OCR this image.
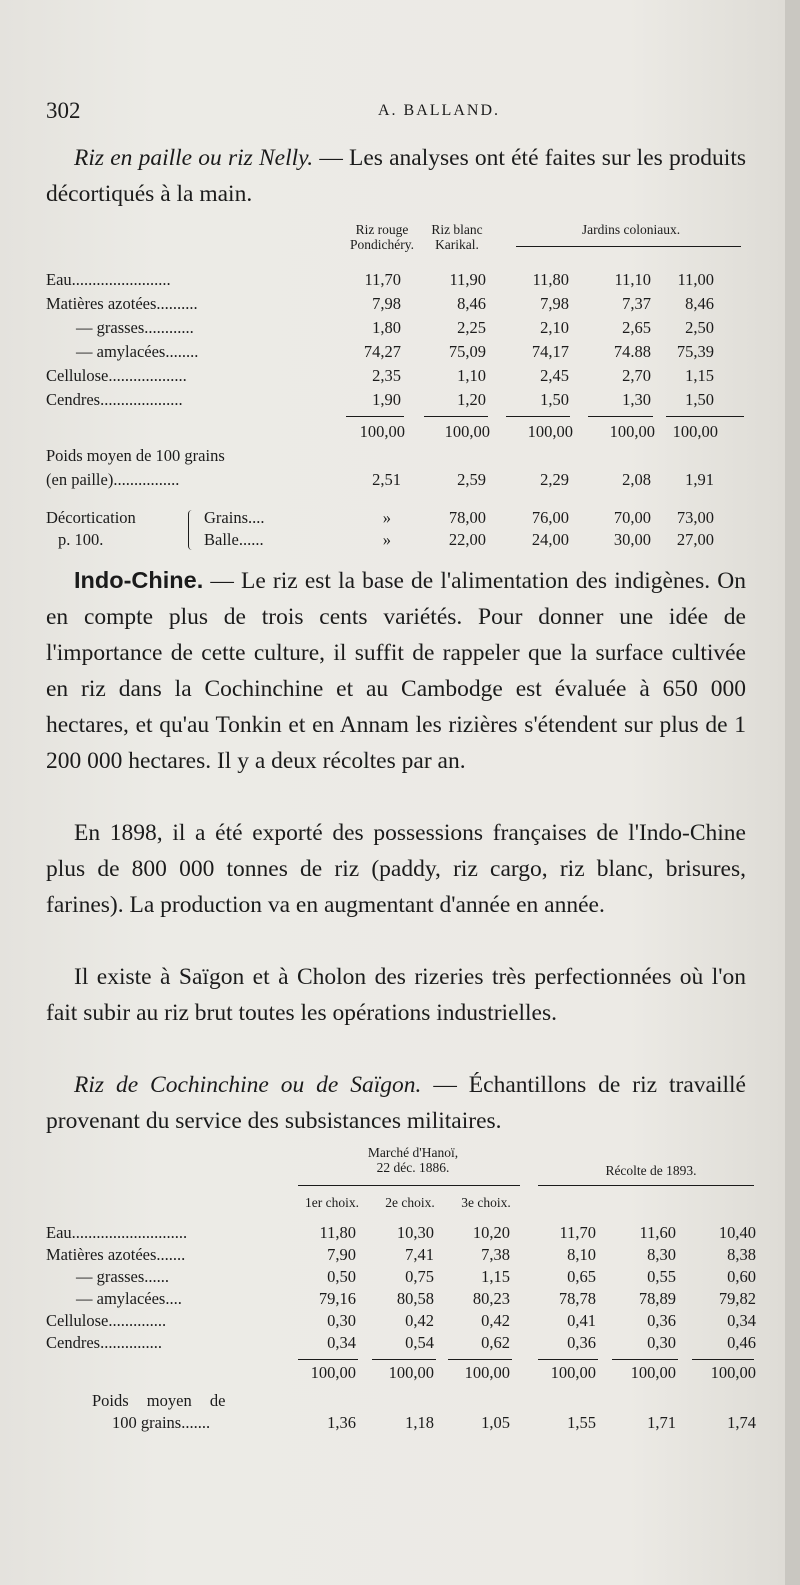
302	A. BALLAND.

Riz en paille ou riz Nelly. — Les analyses ont été faites sur les produits décortiqués à la main.

Riz rouge
Pondichéry.
Riz blanc
Karikal.
Jardins coloniaux.
Eau........................	11,70	11,90	11,80	11,10 11,00
Matières azotées..........	7,98	8,46	7,98	7,37 8,46
— grasses............	1,80	2,25	2,10	2,65 2,50
— amylacées........	74,27	75,09	74,17	74.88 75,39
Cellulose...................	2,35	1,10	2,45	2,70 1,15
Cendres....................	1,90	1,20	1,50	1,30 1,50
100,00 100,00 100,00 100,00 100,00
Poids moyen de 100 grains
(en paille)................	2,51	2,59	2,29	2,08 1,91
Décortication	Grains....	»	78,00	76,00	70,00 73,00
p. 100.	Balle......	»	22,00	24,00	30,00 27,00

Indo-Chine. — Le riz est la base de l'alimentation des indigènes. On en compte plus de trois cents variétés. Pour donner une idée de l'importance de cette culture, il suffit de rappeler que la surface cultivée en riz dans la Cochinchine et au Cambodge est évaluée à 650 000 hectares, et qu'au Tonkin et en Annam les rizières s'étendent sur plus de 1 200 000 hectares. Il y a deux récoltes par an.

En 1898, il a été exporté des possessions françaises de l'Indo-Chine plus de 800 000 tonnes de riz (paddy, riz cargo, riz blanc, brisures, farines). La production va en augmentant d'année en année.

Il existe à Saïgon et à Cholon des rizeries très perfectionnées où l'on fait subir au riz brut toutes les opérations industrielles.

Riz de Cochinchine ou de Saïgon. — Échantillons de riz travaillé provenant du service des subsistances militaires.

Marché d'Hanoï,
22 déc. 1886.	Récolte de 1893.
1er choix.	2e choix.	3e choix.
Eau............................	11,80 10,30 10,20	11,70	11,60	10,40
Matières azotées.......	7,90	7,41	7,38	8,10	8,30	8,38
— grasses......	0,50	0,75	1,15	0,65	0,55	0,60
— amylacées....	79,16 80,58 80,23	78,78	78,89	79,82
Cellulose..............	0,30	0,42	0,42	0,41	0,36	0,34
Cendres...............	0,34	0,54	0,62	0,36	0,30	0,46
100,00 100,00 100,00 100,00 100,00 100,00
Poids moyen de
100 grains.......	1,36	1,18	1,05	1,55	1,71	1,74
